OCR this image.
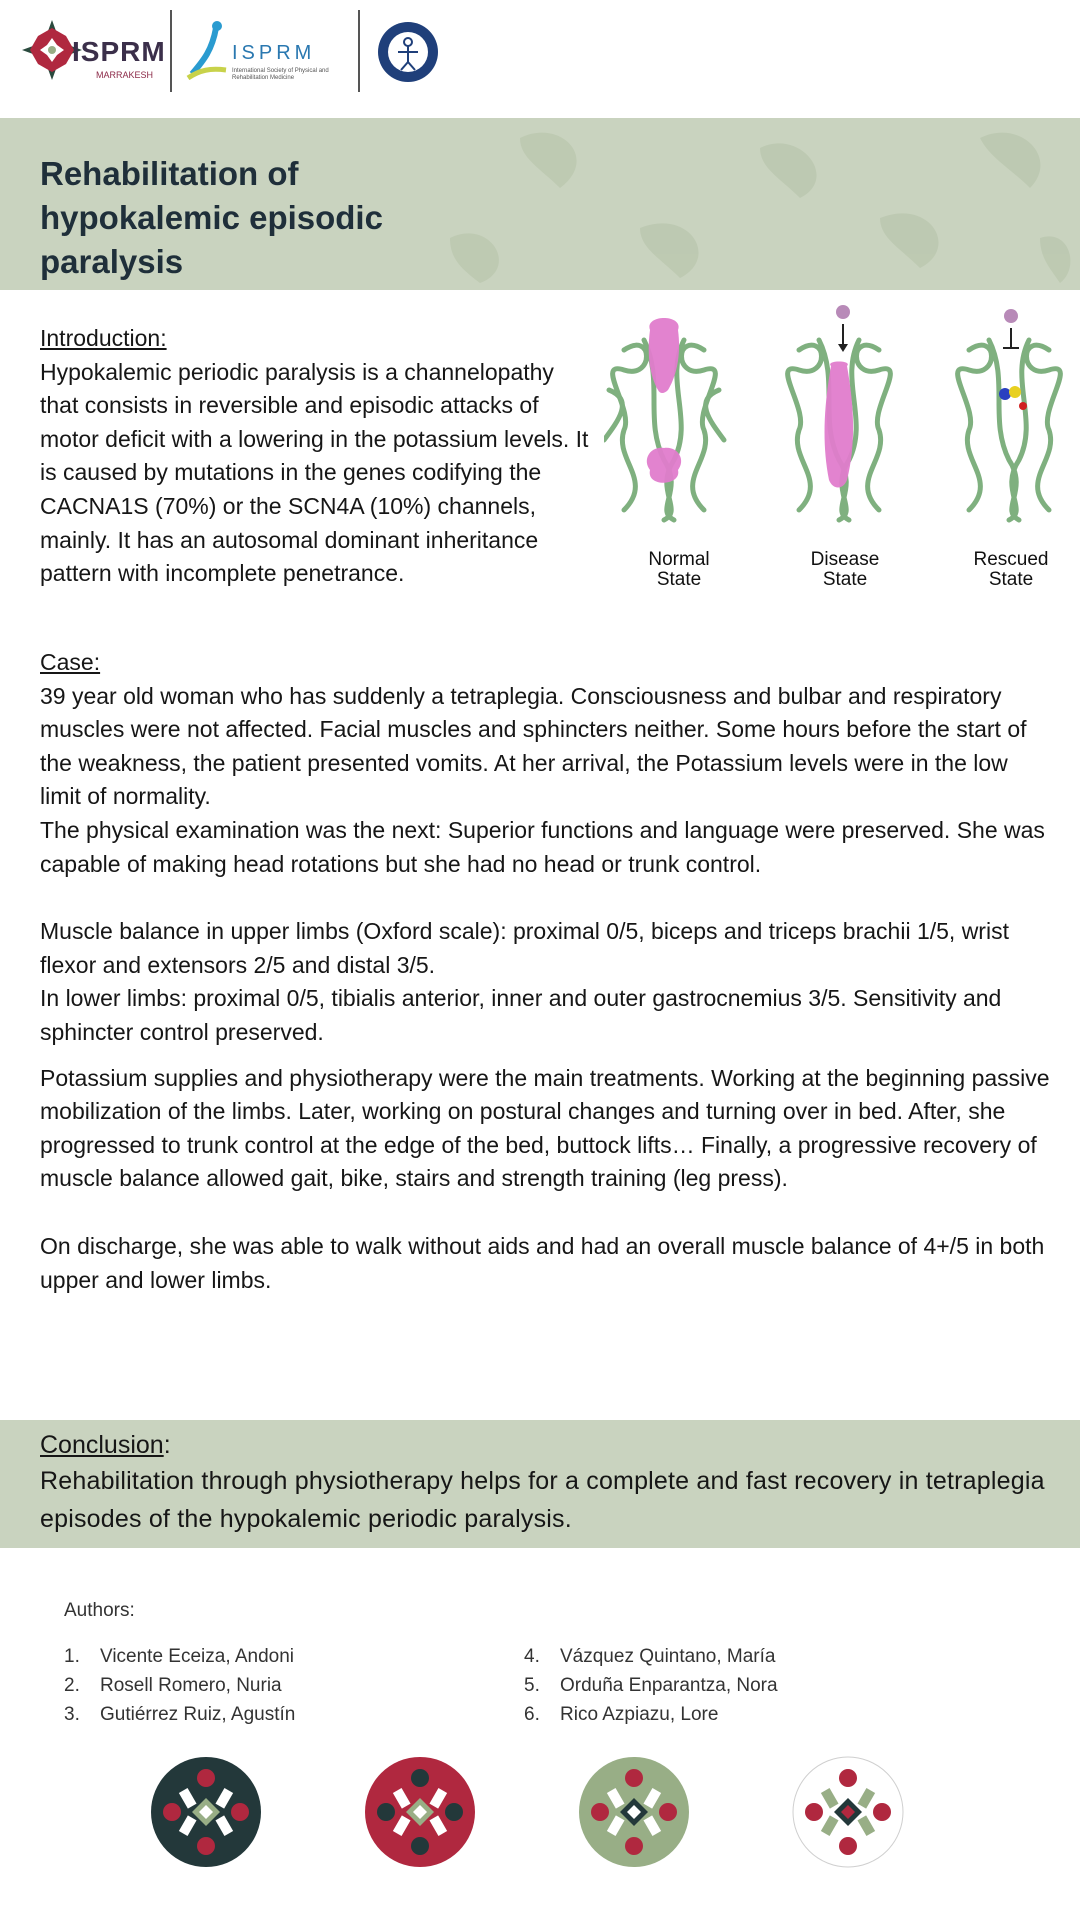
ISPRM
MARRAKESH
ISPRM
International Society of Physical and Rehabilitation Medicine
Rehabilitation of hypokalemic episodic paralysis
Introduction:
Hypokalemic periodic paralysis is a channelopathy that consists in reversible and episodic attacks of motor deficit with a lowering in the potassium levels. It is caused by mutations in the genes codifying the CACNA1S (70%) or the SCN4A (10%) channels, mainly. It has an autosomal dominant inheritance pattern with incomplete penetrance.
Normal State
Disease State
Rescued State
Case:

39 year old woman who has suddenly a tetraplegia. Consciousness and bulbar and respiratory muscles were not affected. Facial muscles and sphincters neither. Some hours before the start of the weakness, the patient presented vomits. At her arrival, the Potassium levels were in the low limit of normality.

The physical examination was the next: Superior functions and language were preserved. She was capable of making head rotations but she had no head or trunk control.

Muscle balance in upper limbs (Oxford scale): proximal 0/5, biceps and triceps brachii 1/5, wrist flexor and extensors 2/5 and distal 3/5.

In lower limbs: proximal 0/5, tibialis anterior, inner and outer gastrocnemius 3/5. Sensitivity and sphincter control preserved.

Potassium supplies and physiotherapy were the main treatments. Working at the beginning passive mobilization of the limbs. Later, working on postural changes and turning over in bed. After, she progressed to trunk control at the edge of the bed, buttock lifts… Finally, a progressive recovery of muscle balance allowed gait, bike, stairs and strength training (leg press).

On discharge, she was able to walk without aids and had an overall muscle balance of 4+/5 in both upper and lower limbs.

Conclusion:
Rehabilitation through physiotherapy helps for a complete and fast recovery in tetraplegia episodes of the hypokalemic periodic paralysis.
Authors:
1.	Vicente Eceiza, Andoni
2.	Rosell Romero, Nuria
3.	Gutiérrez Ruiz, Agustín
4.	Vázquez Quintano, María
5.	Orduña Enparantza, Nora
6.	Rico Azpiazu, Lore
